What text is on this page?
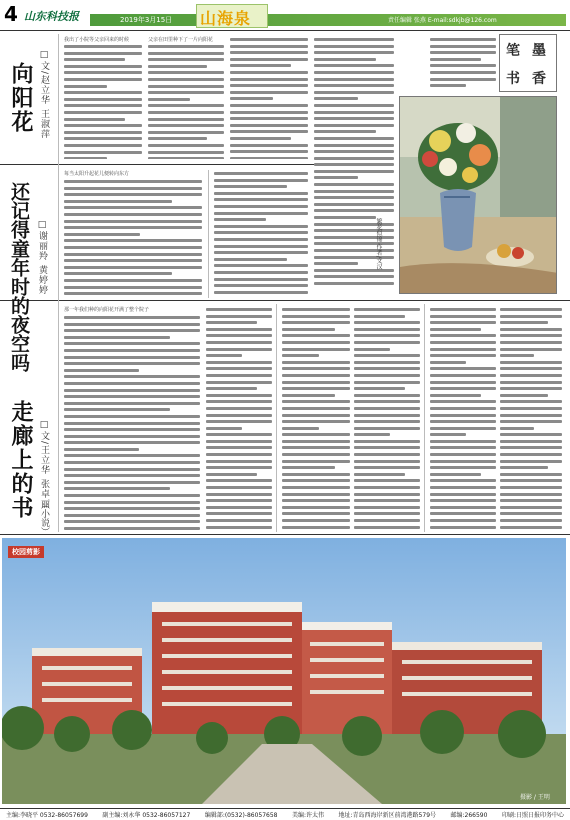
4 山东科技报	2019年3月15日 山海泉	责任编辑 张燕 E-mail:sdkjb@126.com
向阳花 □文/赵立华 王淑萍
我出了小院等父亲回来的时候	父亲在田里种下了一片向阳花
笔 墨
书 香
繁花似锦 作者/文汉
还记得童年时的夜空吗 □谢丽羚 黄婷婷
每当太阳升起花儿便转向东方
走廊上的书 □文/王立华 张卓丽
（小说）
那一年我们种的向阳花开满了整个院子
校园剪影
摄影 / 王明
主编:李晓平 0532-86057699 副主编:刘永华 0532-86057127 编辑部:(0532)-86057658 美编:许太伟 地址:青岛西海岸新区前湾港路579号 邮编:266590 印刷:日照日报印务中心
